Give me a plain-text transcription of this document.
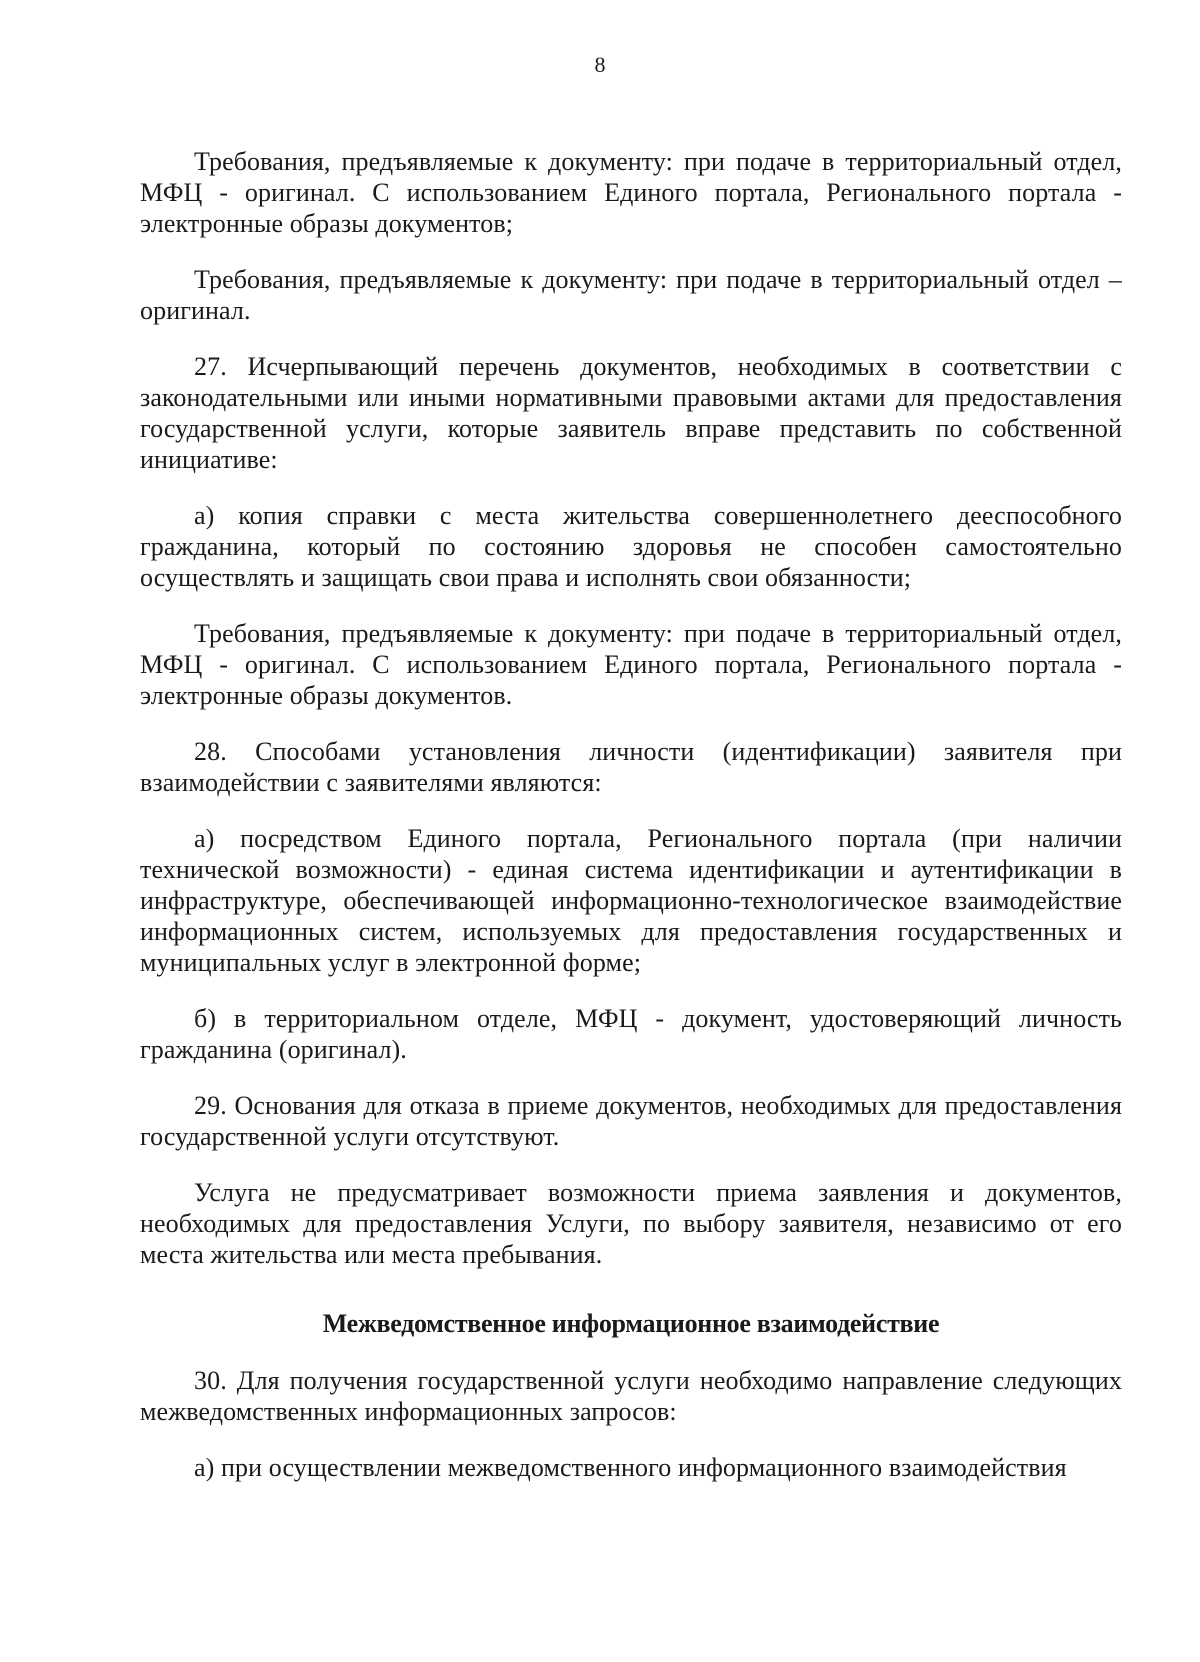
8

Требования, предъявляемые к документу: при подаче в территориальный отдел, МФЦ - оригинал. С использованием Единого портала, Регионального портала - электронные образы документов;

Требования, предъявляемые к документу: при подаче в территориальный отдел – оригинал.

27. Исчерпывающий перечень документов, необходимых в соответствии с законодательными или иными нормативными правовыми актами для предоставления государственной услуги, которые заявитель вправе представить по собственной инициативе:

а) копия справки с места жительства совершеннолетнего дееспособного гражданина, который по состоянию здоровья не способен самостоятельно осуществлять и защищать свои права и исполнять свои обязанности;

Требования, предъявляемые к документу: при подаче в территориальный отдел, МФЦ - оригинал. С использованием Единого портала, Регионального портала - электронные образы документов.

28. Способами установления личности (идентификации) заявителя при взаимодействии с заявителями являются:

а) посредством Единого портала, Регионального портала (при наличии технической возможности) - единая система идентификации и аутентификации в инфраструктуре, обеспечивающей информационно-технологическое взаимодействие информационных систем, используемых для предоставления государственных и муниципальных услуг в электронной форме;

б) в территориальном отделе, МФЦ - документ, удостоверяющий личность гражданина (оригинал).

29. Основания для отказа в приеме документов, необходимых для предоставления государственной услуги отсутствуют.

Услуга не предусматривает возможности приема заявления и документов, необходимых для предоставления Услуги, по выбору заявителя, независимо от его места жительства или места пребывания.

Межведомственное информационное взаимодействие

30. Для получения государственной услуги необходимо направление следующих межведомственных информационных запросов:

а) при осуществлении межведомственного информационного взаимодействия
